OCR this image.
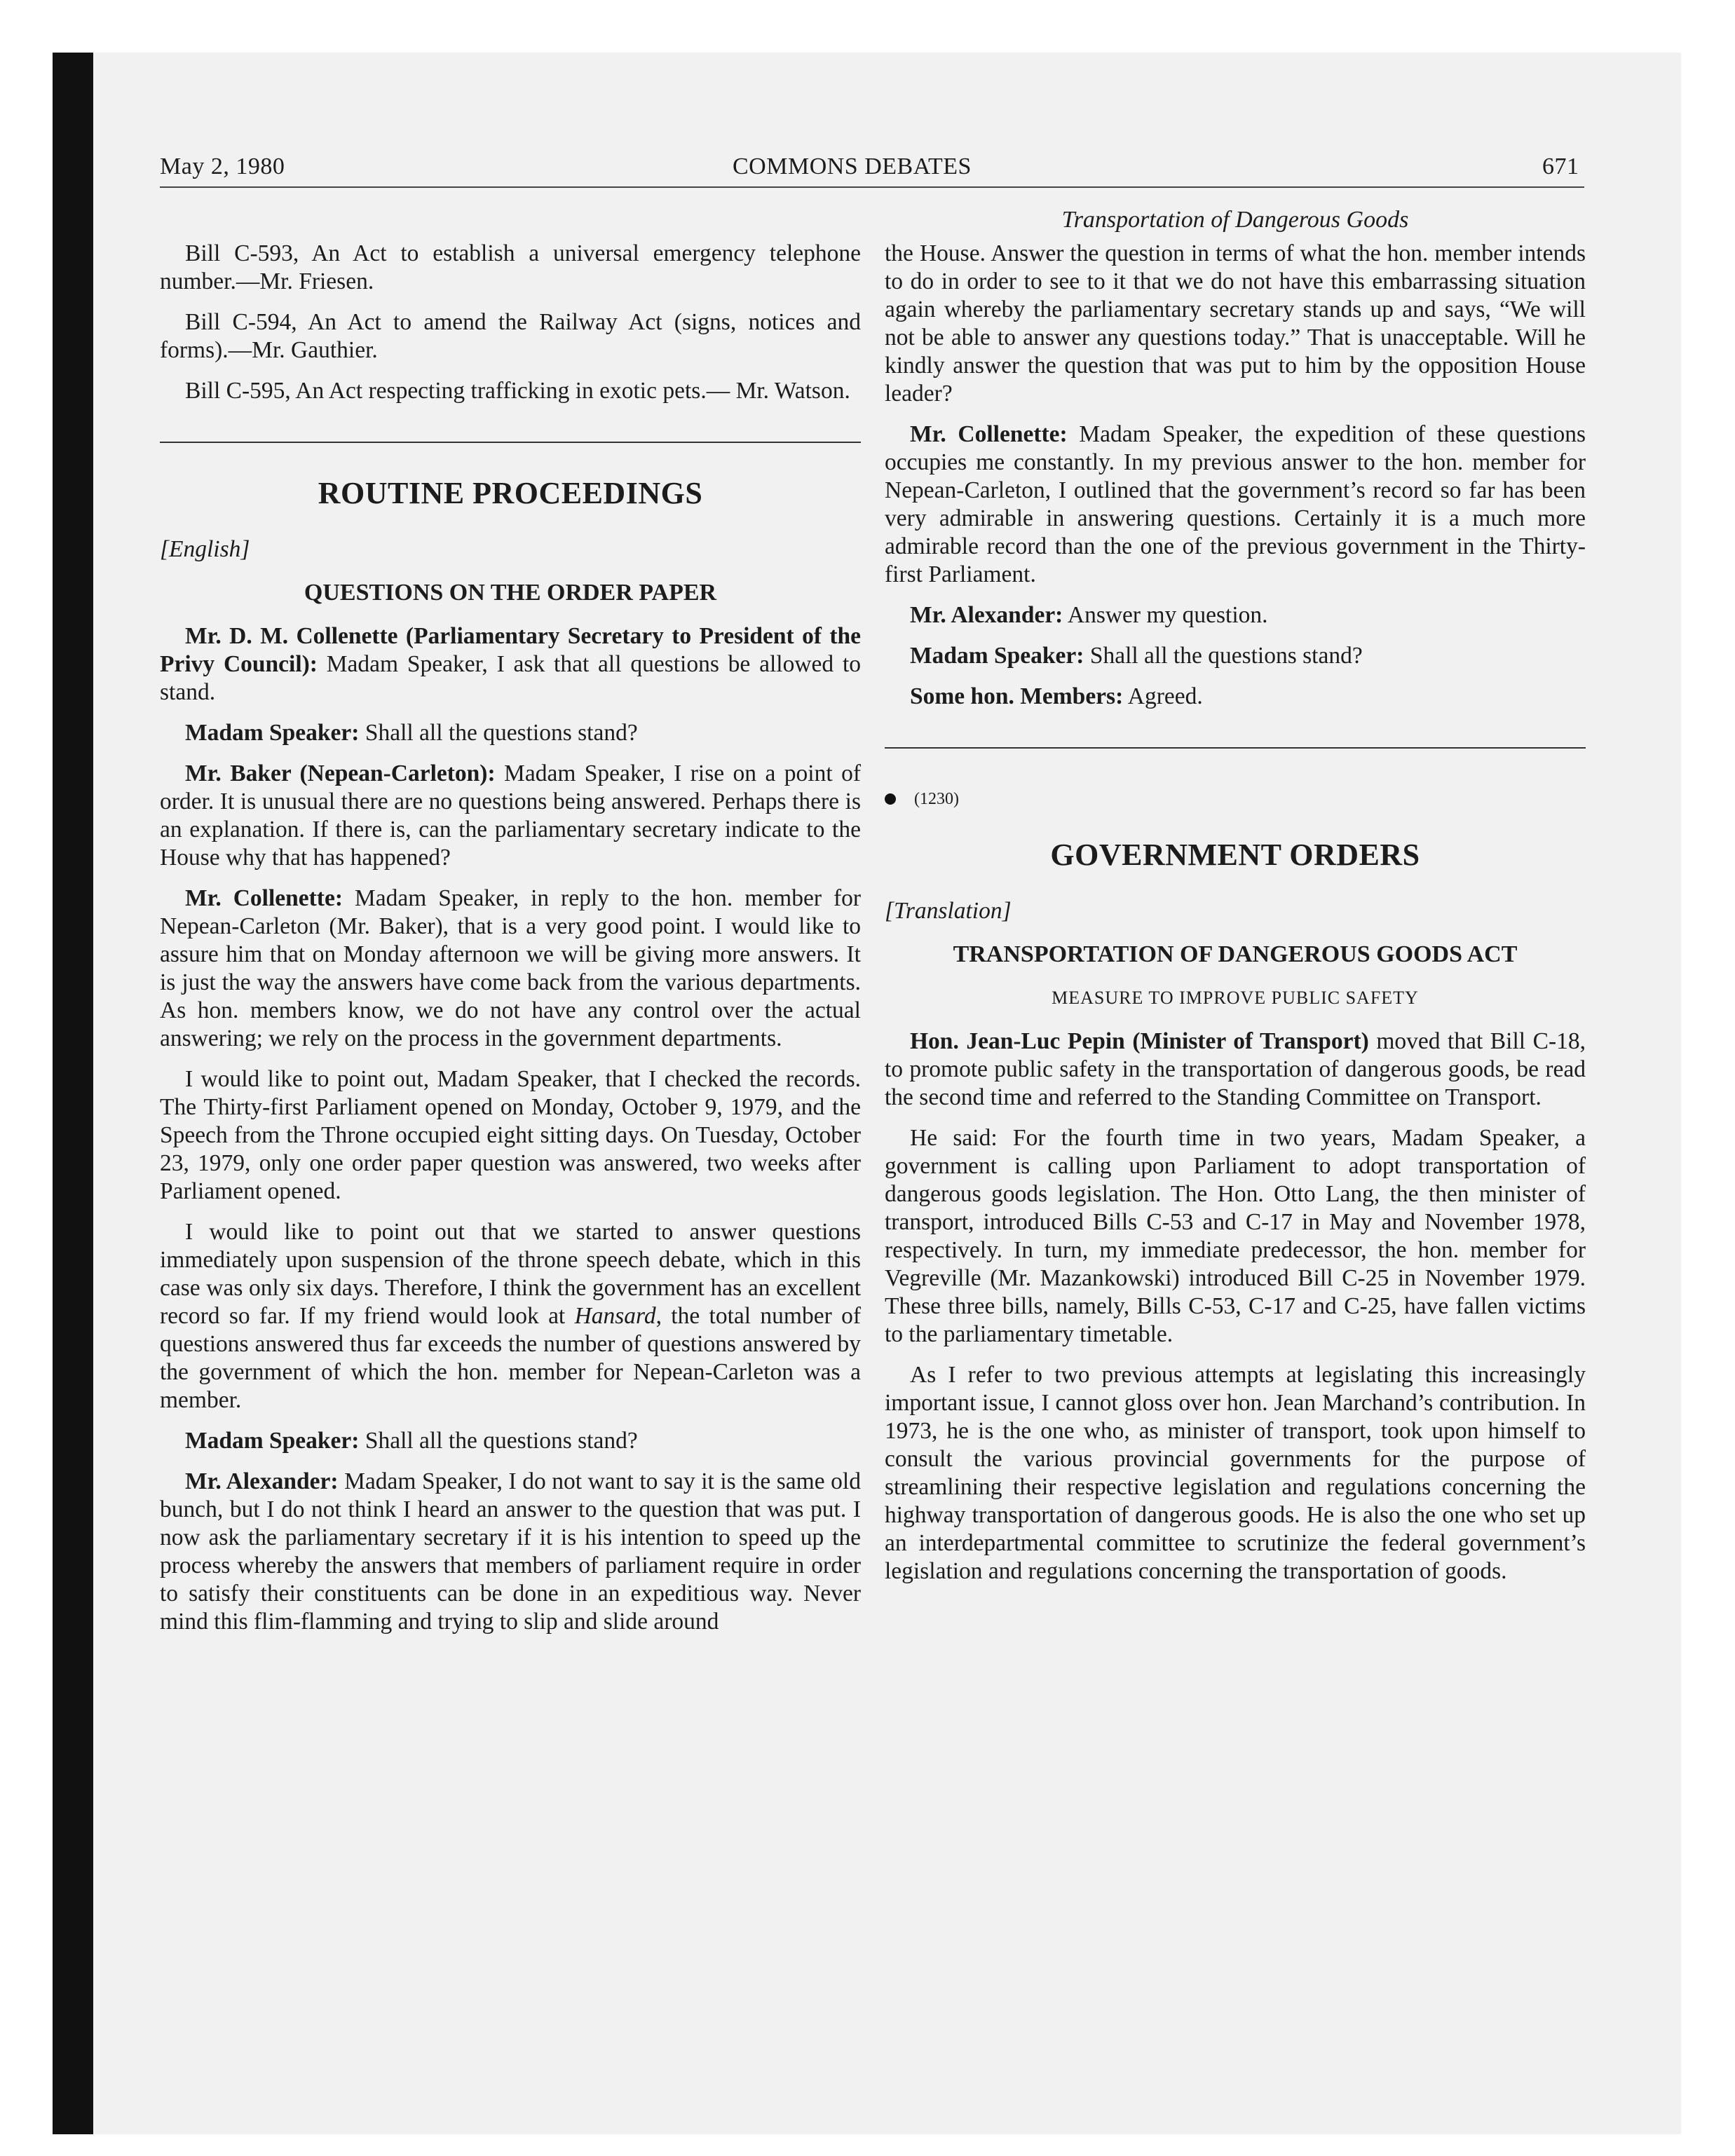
May 2, 1980	COMMONS DEBATES	671
Transportation of Dangerous Goods

Bill C-593, An Act to establish a universal emergency telephone number.—Mr. Friesen.

Bill C-594, An Act to amend the Railway Act (signs, notices and forms).—Mr. Gauthier.

Bill C-595, An Act respecting trafficking in exotic pets.— Mr. Watson.

ROUTINE PROCEEDINGS
[English]
QUESTIONS ON THE ORDER PAPER

Mr. D. M. Collenette (Parliamentary Secretary to President of the Privy Council): Madam Speaker, I ask that all questions be allowed to stand.

Madam Speaker: Shall all the questions stand?

Mr. Baker (Nepean-Carleton): Madam Speaker, I rise on a point of order. It is unusual there are no questions being answered. Perhaps there is an explanation. If there is, can the parliamentary secretary indicate to the House why that has happened?

Mr. Collenette: Madam Speaker, in reply to the hon. member for Nepean-Carleton (Mr. Baker), that is a very good point. I would like to assure him that on Monday afternoon we will be giving more answers. It is just the way the answers have come back from the various departments. As hon. members know, we do not have any control over the actual answering; we rely on the process in the government departments.

I would like to point out, Madam Speaker, that I checked the records. The Thirty-first Parliament opened on Monday, October 9, 1979, and the Speech from the Throne occupied eight sitting days. On Tuesday, October 23, 1979, only one order paper question was answered, two weeks after Parliament opened.

I would like to point out that we started to answer questions immediately upon suspension of the throne speech debate, which in this case was only six days. Therefore, I think the government has an excellent record so far. If my friend would look at Hansard, the total number of questions answered thus far exceeds the number of questions answered by the government of which the hon. member for Nepean-Carleton was a member.

Madam Speaker: Shall all the questions stand?

Mr. Alexander: Madam Speaker, I do not want to say it is the same old bunch, but I do not think I heard an answer to the question that was put. I now ask the parliamentary secretary if it is his intention to speed up the process whereby the answers that members of parliament require in order to satisfy their constituents can be done in an expeditious way. Never mind this flim-flamming and trying to slip and slide around

the House. Answer the question in terms of what the hon. member intends to do in order to see to it that we do not have this embarrassing situation again whereby the parliamentary secretary stands up and says, “We will not be able to answer any questions today.” That is unacceptable. Will he kindly answer the question that was put to him by the opposition House leader?

Mr. Collenette: Madam Speaker, the expedition of these questions occupies me constantly. In my previous answer to the hon. member for Nepean-Carleton, I outlined that the government’s record so far has been very admirable in answering questions. Certainly it is a much more admirable record than the one of the previous government in the Thirty-first Parliament.

Mr. Alexander: Answer my question.

Madam Speaker: Shall all the questions stand?

Some hon. Members: Agreed.

(1230)
GOVERNMENT ORDERS
[Translation]
TRANSPORTATION OF DANGEROUS GOODS ACT
MEASURE TO IMPROVE PUBLIC SAFETY

Hon. Jean-Luc Pepin (Minister of Transport) moved that Bill C-18, to promote public safety in the transportation of dangerous goods, be read the second time and referred to the Standing Committee on Transport.

He said: For the fourth time in two years, Madam Speaker, a government is calling upon Parliament to adopt transportation of dangerous goods legislation. The Hon. Otto Lang, the then minister of transport, introduced Bills C-53 and C-17 in May and November 1978, respectively. In turn, my immediate predecessor, the hon. member for Vegreville (Mr. Mazankowski) introduced Bill C-25 in November 1979. These three bills, namely, Bills C-53, C-17 and C-25, have fallen victims to the parliamentary timetable.

As I refer to two previous attempts at legislating this increasingly important issue, I cannot gloss over hon. Jean Marchand’s contribution. In 1973, he is the one who, as minister of transport, took upon himself to consult the various provincial governments for the purpose of streamlining their respective legislation and regulations concerning the highway transportation of dangerous goods. He is also the one who set up an interdepartmental committee to scrutinize the federal government’s legislation and regulations concerning the transportation of goods.
